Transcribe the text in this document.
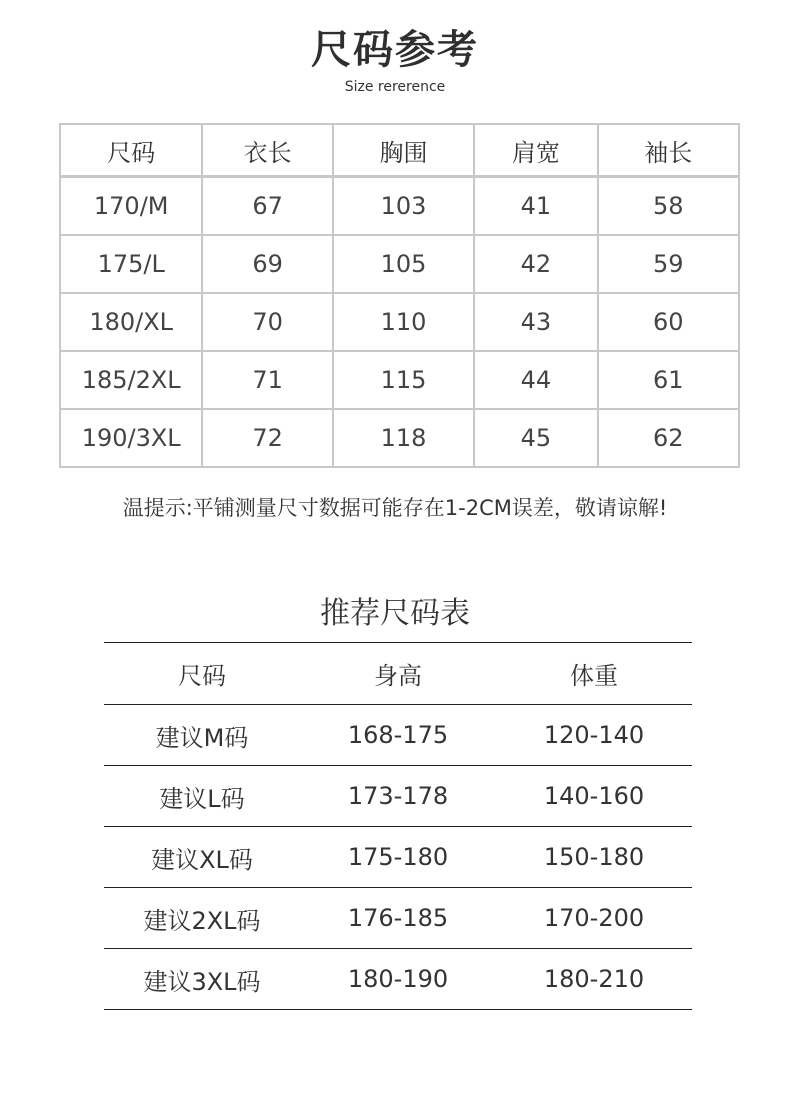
尺码参考
Size rererence
尺码	衣长	胸围	肩宽	袖长
170/M	67	103	41	58
175/L	69	105	42	59
180/XL	70	110	43	60
185/2XL	71	115	44	61
190/3XL	72	118	45	62
温提示:平铺测量尺寸数据可能存在1-2CM误差，敬请谅解!
推荐尺码表
尺码	身高	体重
建议M码	168-175	120-140
建议L码	173-178	140-160
建议XL码	175-180	150-180
建议2XL码	176-185	170-200
建议3XL码	180-190	180-210
